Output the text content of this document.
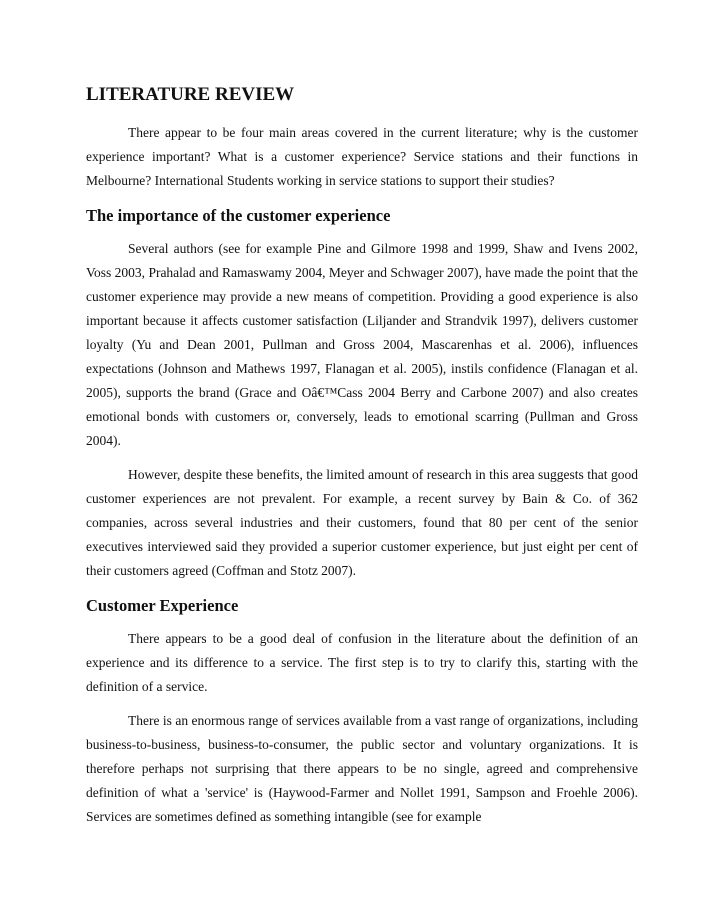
LITERATURE REVIEW

There appear to be four main areas covered in the current literature; why is the customer experience important? What is a customer experience? Service stations and their functions in Melbourne? International Students working in service stations to support their studies?

The importance of the customer experience

Several authors (see for example Pine and Gilmore 1998 and 1999, Shaw and Ivens 2002, Voss 2003, Prahalad and Ramaswamy 2004, Meyer and Schwager 2007), have made the point that the customer experience may provide a new means of competition. Providing a good experience is also important because it affects customer satisfaction (Liljander and Strandvik 1997), delivers customer loyalty (Yu and Dean 2001, Pullman and Gross 2004, Mascarenhas et al. 2006), influences expectations (Johnson and Mathews 1997, Flanagan et al. 2005), instils confidence (Flanagan et al. 2005), supports the brand (Grace and Oâ€™Cass 2004 Berry and Carbone 2007) and also creates emotional bonds with customers or, conversely, leads to emotional scarring (Pullman and Gross 2004).

However, despite these benefits, the limited amount of research in this area suggests that good customer experiences are not prevalent. For example, a recent survey by Bain & Co. of 362 companies, across several industries and their customers, found that 80 per cent of the senior executives interviewed said they provided a superior customer experience, but just eight per cent of their customers agreed (Coffman and Stotz 2007).

Customer Experience

There appears to be a good deal of confusion in the literature about the definition of an experience and its difference to a service. The first step is to try to clarify this, starting with the definition of a service.

There is an enormous range of services available from a vast range of organizations, including business-to-business, business-to-consumer, the public sector and voluntary organizations. It is therefore perhaps not surprising that there appears to be no single, agreed and comprehensive definition of what a 'service' is (Haywood-Farmer and Nollet 1991, Sampson and Froehle 2006). Services are sometimes defined as something intangible (see for example
